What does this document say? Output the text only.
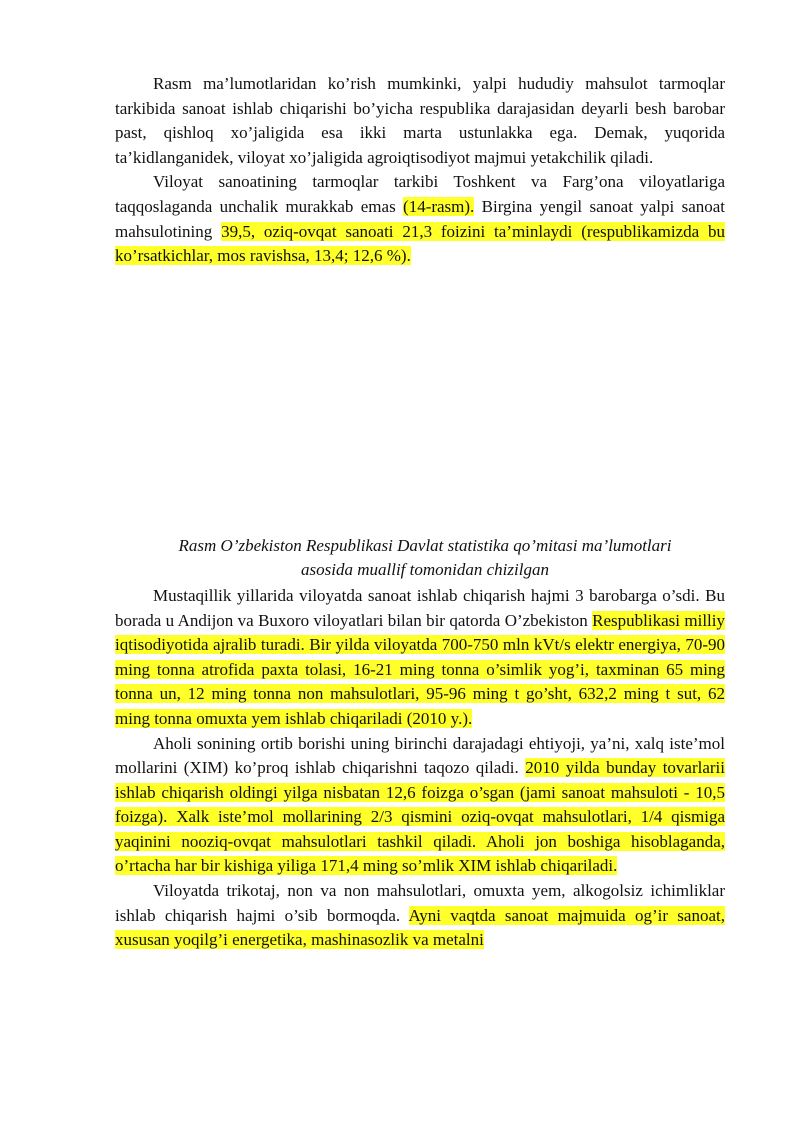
Rasm ma’lumotlaridan ko’rish mumkinki, yalpi hududiy mahsulot tarmoqlar tarkibida sanoat ishlab chiqarishi bo’yicha respublika darajasidan deyarli besh barobar past, qishloq xo’jaligida esa ikki marta ustunlakka ega. Demak, yuqorida ta’kidlanganidek, viloyat xo’jaligida agroiqtisodiyot majmui yetakchilik qiladi.

Viloyat sanoatining tarmoqlar tarkibi Toshkent va Farg’ona viloyatlariga taqqoslaganda unchalik murakkab emas (14-rasm). Birgina yengil sanoat yalpi sanoat mahsulotining 39,5, oziq-ovqat sanoati 21,3 foizini ta’minlaydi (respublikamizda bu ko’rsatkichlar, mos ravishsa, 13,4; 12,6 %).

Rasm O’zbekiston Respublikasi Davlat statistika qo’mitasi ma’lumotlari
asosida muallif tomonidan chizilgan

Mustaqillik yillarida viloyatda sanoat ishlab chiqarish hajmi 3 barobarga o’sdi. Bu borada u Andijon va Buxoro viloyatlari bilan bir qatorda O’zbekiston Respublikasi milliy iqtisodiyotida ajralib turadi. Bir yilda viloyatda 700-750 mln kVt/s elektr energiya, 70-90 ming tonna atrofida paxta tolasi, 16-21 ming tonna o’simlik yog’i, taxminan 65 ming tonna un, 12 ming tonna non mahsulotlari, 95-96 ming t go’sht, 632,2 ming t sut, 62 ming tonna omuxta yem ishlab chiqariladi (2010 y.).

Aholi sonining ortib borishi uning birinchi darajadagi ehtiyoji, ya’ni, xalq iste’mol mollarini (XIM) ko’proq ishlab chiqarishni taqozo qiladi. 2010 yilda bunday tovarlarii ishlab chiqarish oldingi yilga nisbatan 12,6 foizga o’sgan (jami sanoat mahsuloti - 10,5 foizga). Xalk iste’mol mollarining 2/3 qismini oziq-ovqat mahsulotlari, 1/4 qismiga yaqinini nooziq-ovqat mahsulotlari tashkil qiladi. Aholi jon boshiga hisoblaganda, o’rtacha har bir kishiga yiliga 171,4 ming so’mlik XIM ishlab chiqariladi.

Viloyatda trikotaj, non va non mahsulotlari, omuxta yem, alkogolsiz ichimliklar ishlab chiqarish hajmi o’sib bormoqda. Ayni vaqtda sanoat majmuida og’ir sanoat, xususan yoqilg’i energetika, mashinasozlik va metalni
